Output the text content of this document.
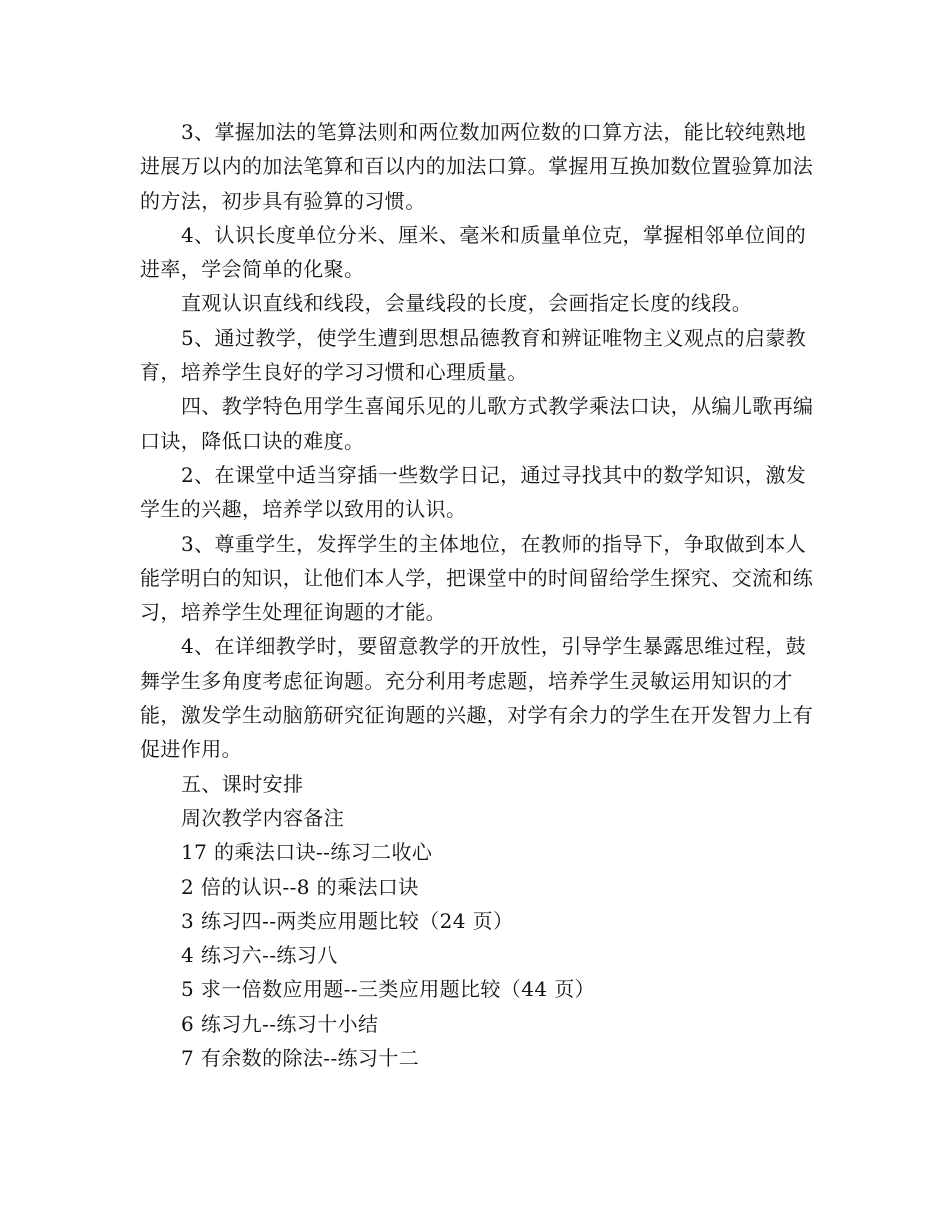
3、掌握加法的笔算法则和两位数加两位数的口算方法，能比较纯熟地进展万以内的加法笔算和百以内的加法口算。掌握用互换加数位置验算加法的方法，初步具有验算的习惯。

4、认识长度单位分米、厘米、毫米和质量单位克，掌握相邻单位间的进率，学会简单的化聚。

直观认识直线和线段，会量线段的长度，会画指定长度的线段。

5、通过教学，使学生遭到思想品德教育和辨证唯物主义观点的启蒙教育，培养学生良好的学习习惯和心理质量。

四、教学特色用学生喜闻乐见的儿歌方式教学乘法口诀，从编儿歌再编口诀，降低口诀的难度。

2、在课堂中适当穿插一些数学日记，通过寻找其中的数学知识，激发学生的兴趣，培养学以致用的认识。

3、尊重学生，发挥学生的主体地位，在教师的指导下，争取做到本人能学明白的知识，让他们本人学，把课堂中的时间留给学生探究、交流和练习，培养学生处理征询题的才能。

4、在详细教学时，要留意教学的开放性，引导学生暴露思维过程，鼓舞学生多角度考虑征询题。充分利用考虑题，培养学生灵敏运用知识的才能，激发学生动脑筋研究征询题的兴趣，对学有余力的学生在开发智力上有促进作用。

五、课时安排

周次教学内容备注

17 的乘法口诀--练习二收心

2 倍的认识--8 的乘法口诀

3 练习四--两类应用题比较（24 页）

4 练习六--练习八

5 求一倍数应用题--三类应用题比较（44 页）

6 练习九--练习十小结

7 有余数的除法--练习十二
